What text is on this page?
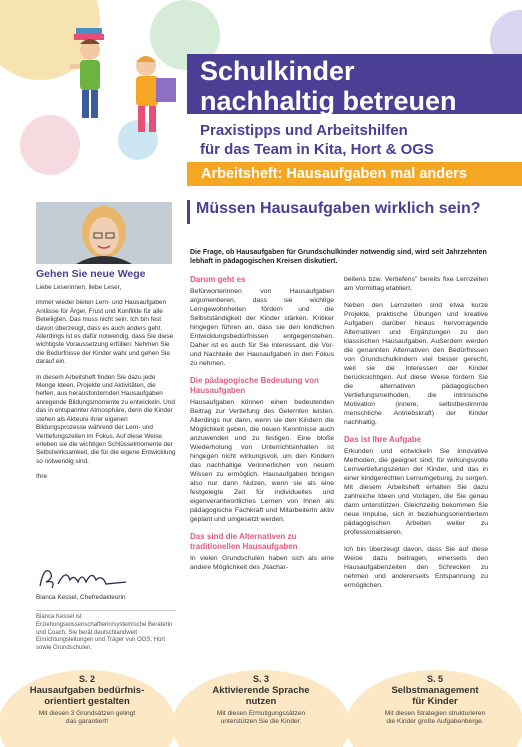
Schulkinder
nachhaltig betreuen
Praxistipps und Arbeitshilfen
für das Team in Kita, Hort & OGS
Arbeitsheft: Hausaufgaben mal anders
Gehen Sie neue Wege

Liebe Leserinnen, liebe Leser,

immer wieder bieten Lern- und Hausaufgaben Anlässe für Ärger, Frust und Konflikte für alle Beteiligten. Das muss nicht sein. Ich bin fest davon überzeugt, dass es auch anders geht. Allerdings ist es dafür notwendig, dass Sie diese wichtigste Voraussetzung erfüllen: Nehmen Sie die Bedürfnisse der Kinder wahr und gehen Sie darauf ein.

In diesem Arbeitsheft finden Sie dazu jede Menge Ideen, Projekte und Aktivitäten, die helfen, aus herausfordernden Hausaufgaben anregende Bildungsmomente zu entwickeln. Und das in entspannter Atmosphäre, denn die Kinder stehen als Akteure ihrer eigenen Bildungsprozesse während der Lern- und Vertiefungszeiten im Fokus. Auf diese Weise erleben sie die wichtigen Schlüsselmomente der Selbstwirksamkeit, die für die eigene Entwicklung so notwendig sind.

Ihre

Bianca Kessel, Chefredakteurin
Bianca Kessel ist Erziehungswissenschaftlerin/systemische Beraterin und Coach. Sie berät deutschlandweit Einrichtungsleitungen und Träger von OGS, Hort sowie Grundschulen.
Müssen Hausaufgaben wirklich sein?
Die Frage, ob Hausaufgaben für Grundschulkinder notwendig sind, wird seit Jahrzehnten lebhaft in pädagogischen Kreisen diskutiert.
Darum geht es

Befürworterinnen von Hausaufgaben argumentieren, dass sie wichtige Lerngewohnheiten fördern und die Selbstständigkeit der Kinder stärken. Kritiker hingegen führen an, dass sie den kindlichen Entwicklungsbedürfnissen entgegenstehen. Daher ist es auch für Sie interessant, die Vor- und Nachteile der Hausaufgaben in den Fokus zu nehmen.

Die pädagogische Bedeutung von Hausaufgaben

Hausaufgaben können einen bedeutenden Beitrag zur Vertiefung des Gelernten leisten. Allerdings nur dann, wenn sie den Kindern die Möglichkeit geben, die neuen Kenntnisse auch anzuwenden und zu festigen. Eine bloße Wiederholung von Unterrichtsinhalten ist hingegen nicht wirkungsvoll, um den Kindern das nachhaltige Verinnerlichen von neuem Wissen zu ermöglich. Hausaufgaben bringen also nur dann Nutzen, wenn sie als eine festgelegte Zeit für individuelles und eigenverantwortliches Lernen von Ihnen als pädagogische Fachkraft und MitarbeiterIn aktiv geplant und umgesetzt werden.

Das sind die Alternativen zu traditionellen Hausaufgaben

In vielen Grundschulen haben sich als eine andere Möglichkeit des „Nachar-

beitens bzw. Vertiefens" bereits fixe Lernzeiten am Vormittag etabliert.

Neben den Lernzeiten sind etwa kurze Projekte, praktische Übungen und kreative Aufgaben darüber hinaus hervorragende Alternativen und Ergänzungen zu den klassischen Hausaufgaben. Außerdem werden die genannten Alternativen den Bedürfnissen von Grundschulkindern viel besser gerecht, weil sie die Interessen der Kinder berücksichtigen. Auf diese Weise fördern Sie die alternativen pädagogischen Vertiefungsmethoden, die intrinsische Motivation (innere, selbstbestimmte menschliche Antriebskraft) der Kinder nachhaltig.

Das ist Ihre Aufgabe

Erkunden und entwickeln Sie innovative Methoden, die geeignet sind, für wirkungsvolle Lernvertiefungszeiten der Kinder, und das in einer kindgerechten Lernumgebung, zu sorgen. Mit diesem Arbeitsheft erhalten Sie dazu zahlreiche Ideen und Vorlagen, die Sie genau darin unterstützen. Gleichzeitig bekommen Sie neue Impulse, sich in beziehungsorientiertem pädagogischen Arbeiten weiter zu professionalisieren.

Ich bin überzeugt davon, dass Sie auf diese Weise dazu beitragen, einerseits den Hausaufgabenzeiten den Schrecken zu nehmen und andererseits Entspannung zu ermöglichen.

S. 2
Hausaufgaben bedürfnis-
orientiert gestalten
Mit diesen 3 Grundsätzen gelingt
das garantiert!
S. 3
Aktivierende Sprache
nutzen
Mit diesen Ermutigungssätzen
unterstützen Sie die Kinder.
S. 5
Selbstmanagement
für Kinder
Mit diesen Strategien strukturieren
die Kinder große Aufgabenberge.
